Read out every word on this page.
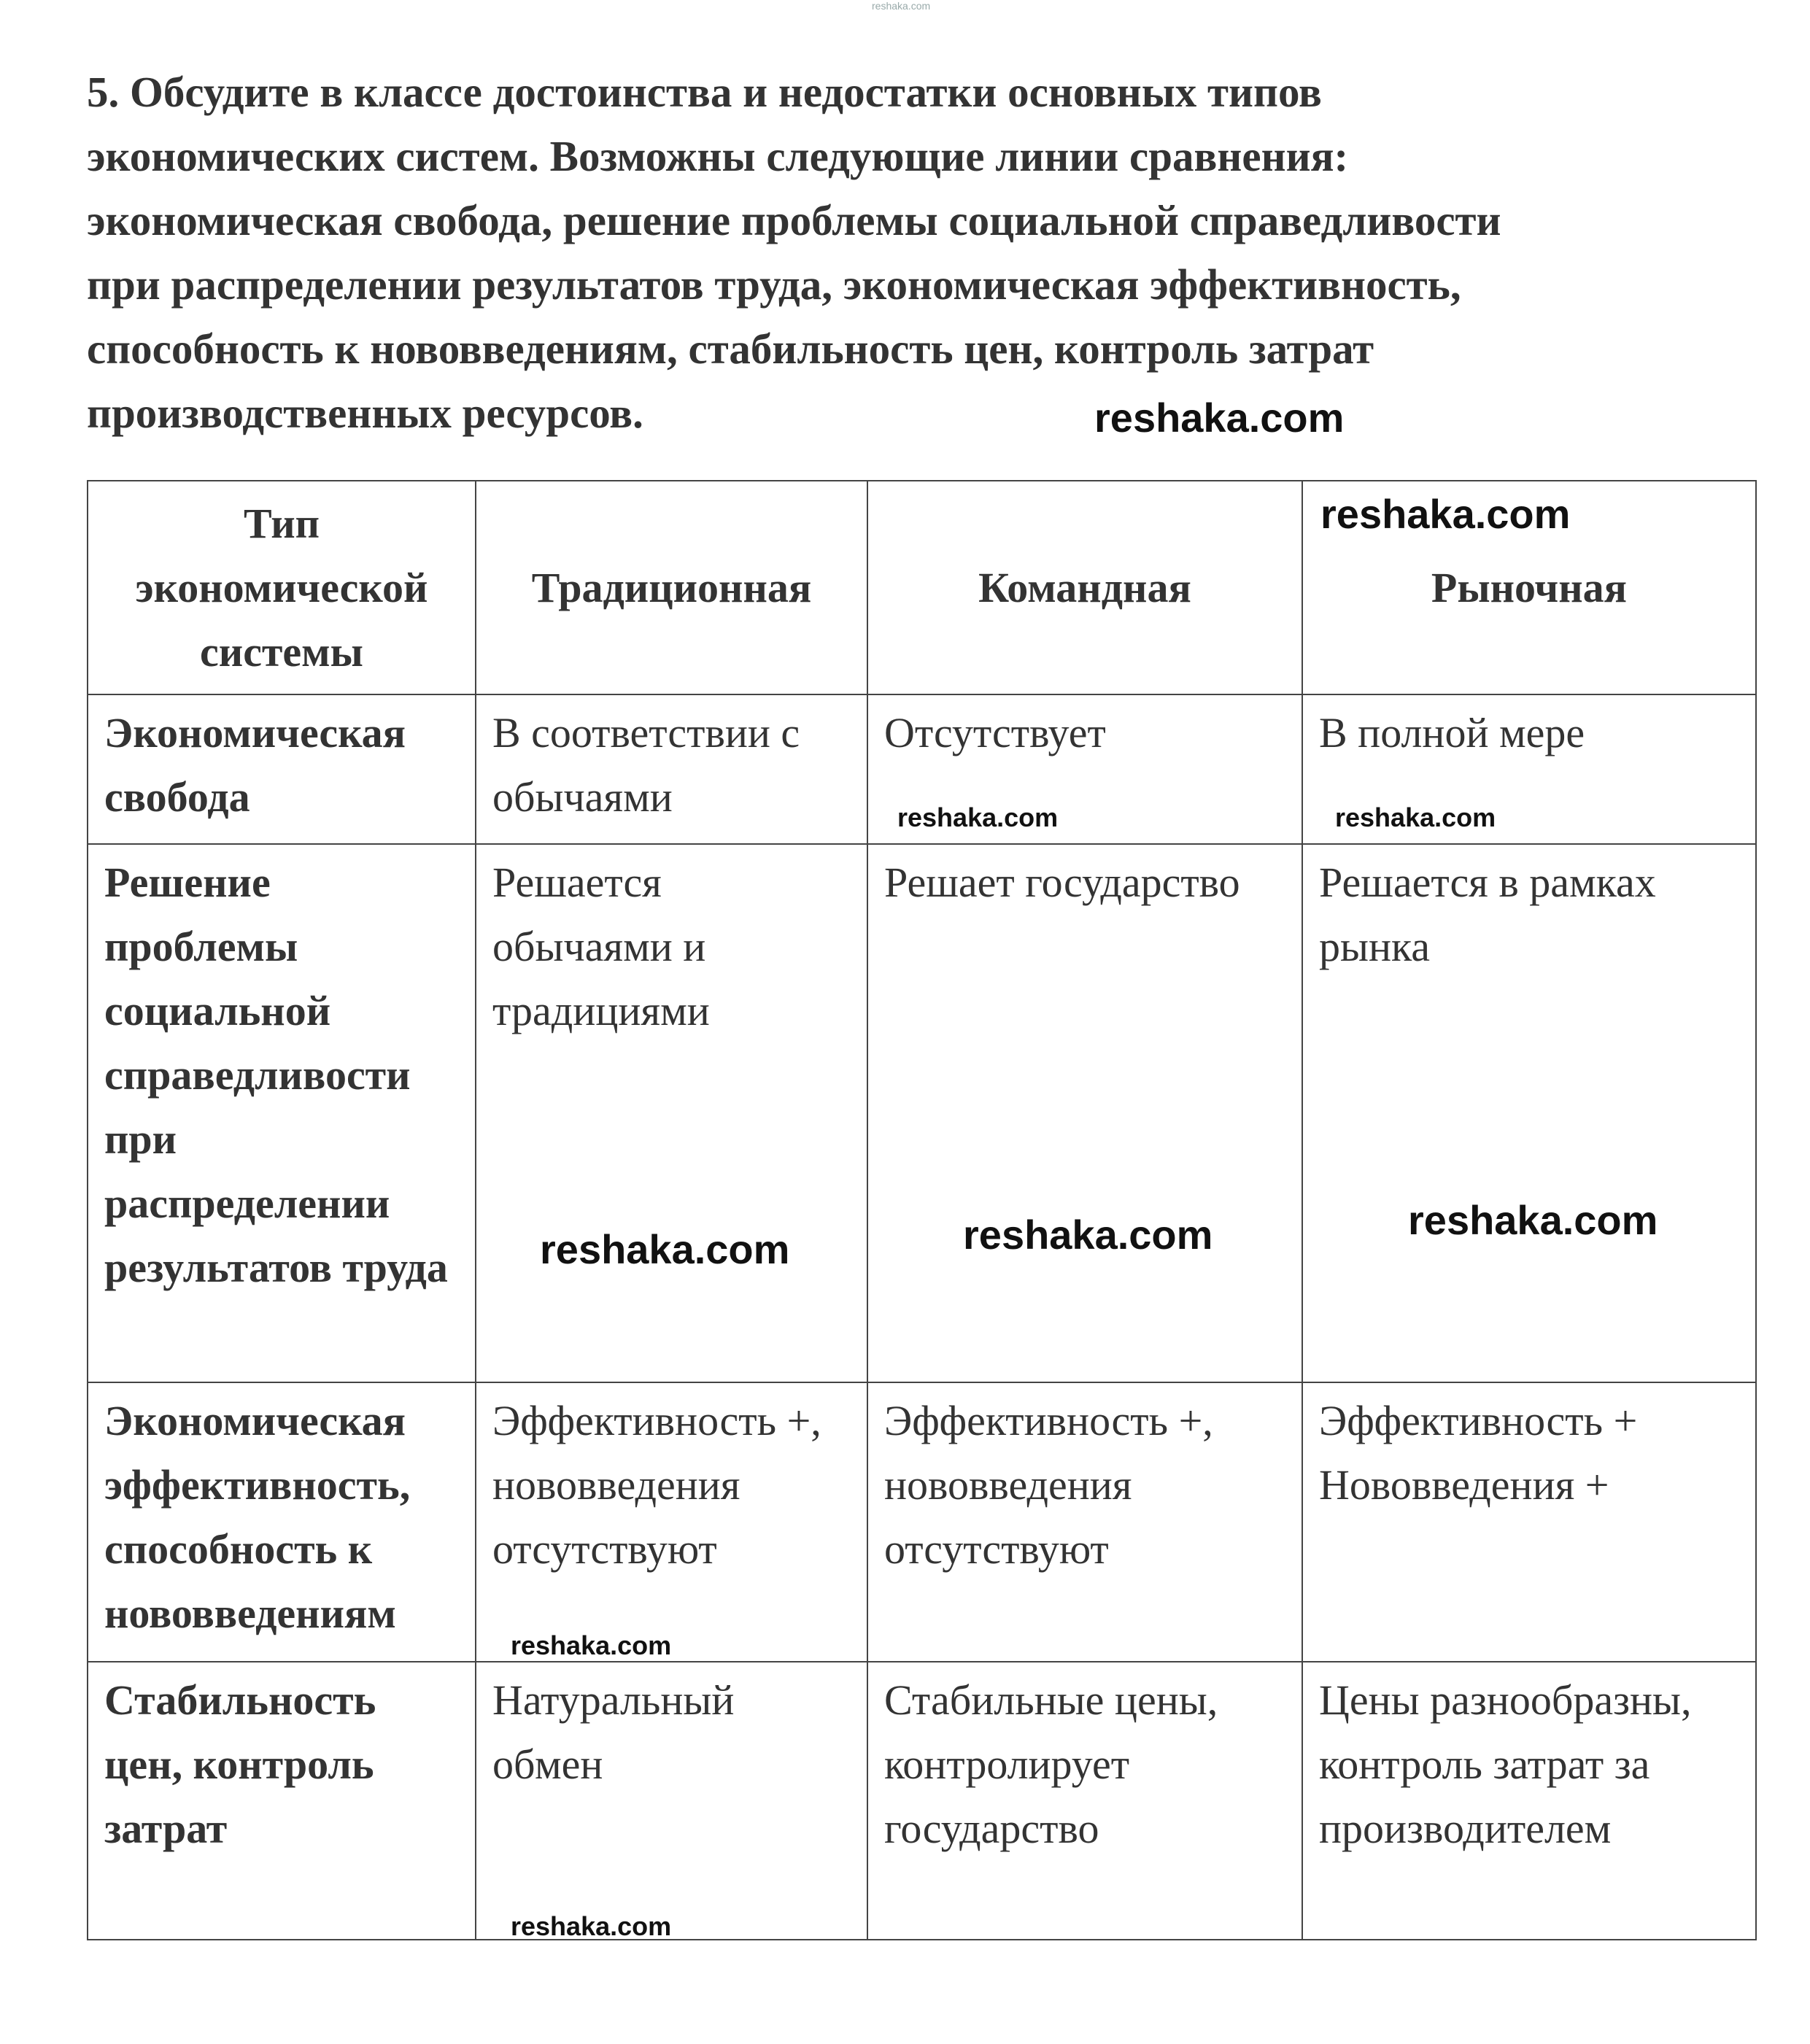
reshaka.com
5. Обсудите в классе достоинства и недостатки основных типов
экономических систем. Возможны следующие линии сравнения:
экономическая свобода, решение проблемы социальной справедливости
при распределении результатов труда, экономическая эффективность,
способность к нововведениям, стабильность цен, контроль затрат
производственных ресурсов.
Тип экономической системы	Традиционная	Командная	Рыночная
Экономическая свобода	В соответствии с обычаями	Отсутствует	В полной мере
Решение проблемы социальной справедливости при распределении результатов труда	Решается обычаями и традициями	Решает государство	Решается в рамках рынка
Экономическая эффективность, способность к нововведениям	Эффективность +, нововведения отсутствуют	Эффективность +, нововведения отсутствуют	Эффективность + Нововведения +
Стабильность цен, контроль затрат	Натуральный обмен	Стабильные цены, контролирует государство	Цены разнообразны, контроль затрат за производителем
reshaka.com
reshaka.com
reshaka.com	reshaka.com
reshaka.com	reshaka.com	reshaka.com
reshaka.com
reshaka.com
